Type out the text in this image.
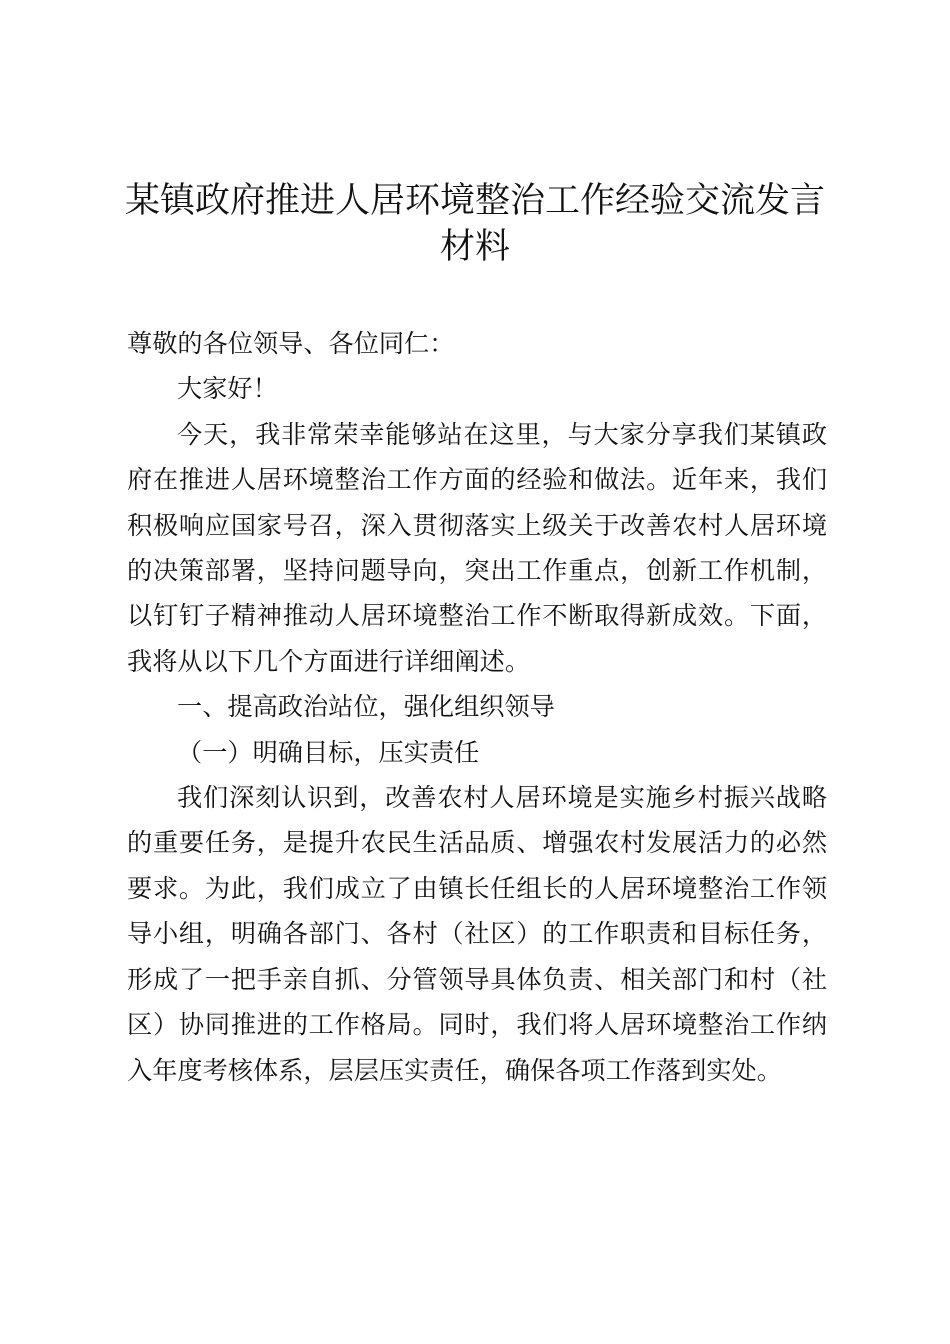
某镇政府推进人居环境整治工作经验交流发言
材料

尊敬的各位领导、各位同仁：

大家好！

今天，我非常荣幸能够站在这里，与大家分享我们某镇政府在推进人居环境整治工作方面的经验和做法。近年来，我们积极响应国家号召，深入贯彻落实上级关于改善农村人居环境的决策部署，坚持问题导向，突出工作重点，创新工作机制，以钉钉子精神推动人居环境整治工作不断取得新成效。下面，我将从以下几个方面进行详细阐述。

一、提高政治站位，强化组织领导

（一）明确目标，压实责任

我们深刻认识到，改善农村人居环境是实施乡村振兴战略的重要任务，是提升农民生活品质、增强农村发展活力的必然要求。为此，我们成立了由镇长任组长的人居环境整治工作领导小组，明确各部门、各村（社区）的工作职责和目标任务，形成了一把手亲自抓、分管领导具体负责、相关部门和村（社区）协同推进的工作格局。同时，我们将人居环境整治工作纳入年度考核体系，层层压实责任，确保各项工作落到实处。
